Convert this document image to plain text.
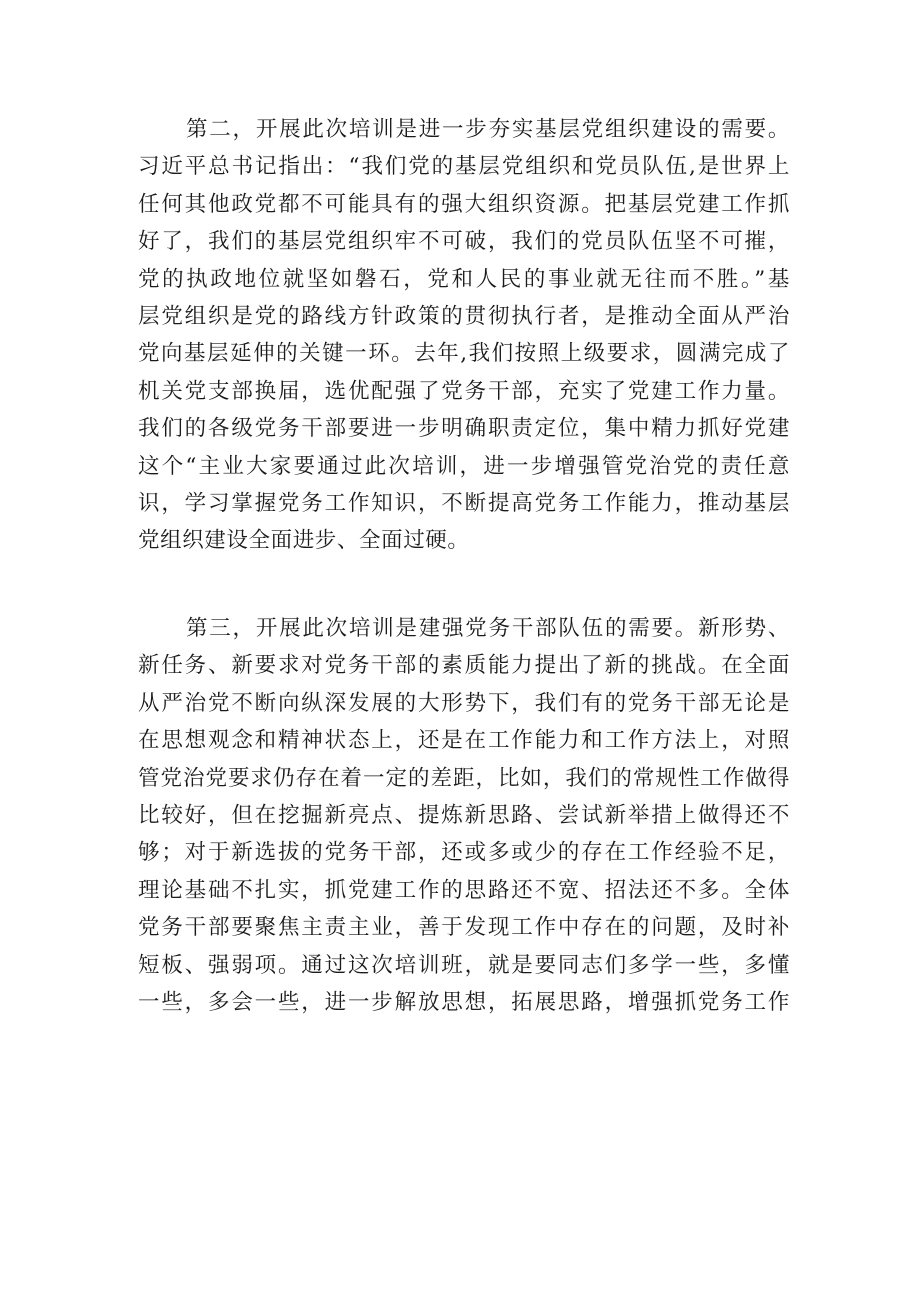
第二，开展此次培训是进一步夯实基层党组织建设的需要。
习近平总书记指出：“我们党的基层党组织和党员队伍,是世界上
任何其他政党都不可能具有的强大组织资源。把基层党建工作抓
好了，我们的基层党组织牢不可破，我们的党员队伍坚不可摧，
党的执政地位就坚如磐石，党和人民的事业就无往而不胜。”基
层党组织是党的路线方针政策的贯彻执行者，是推动全面从严治
党向基层延伸的关键一环。去年,我们按照上级要求，圆满完成了
机关党支部换届，选优配强了党务干部，充实了党建工作力量。
我们的各级党务干部要进一步明确职责定位，集中精力抓好党建
这个“主业大家要通过此次培训，进一步增强管党治党的责任意
识，学习掌握党务工作知识，不断提高党务工作能力，推动基层
党组织建设全面进步、全面过硬。
第三，开展此次培训是建强党务干部队伍的需要。新形势、
新任务、新要求对党务干部的素质能力提出了新的挑战。在全面
从严治党不断向纵深发展的大形势下，我们有的党务干部无论是
在思想观念和精神状态上，还是在工作能力和工作方法上，对照
管党治党要求仍存在着一定的差距，比如，我们的常规性工作做得
比较好，但在挖掘新亮点、提炼新思路、尝试新举措上做得还不
够；对于新选拔的党务干部，还或多或少的存在工作经验不足，
理论基础不扎实，抓党建工作的思路还不宽、招法还不多。全体
党务干部要聚焦主责主业，善于发现工作中存在的问题，及时补
短板、强弱项。通过这次培训班，就是要同志们多学一些，多懂
一些，多会一些，进一步解放思想，拓展思路，增强抓党务工作
